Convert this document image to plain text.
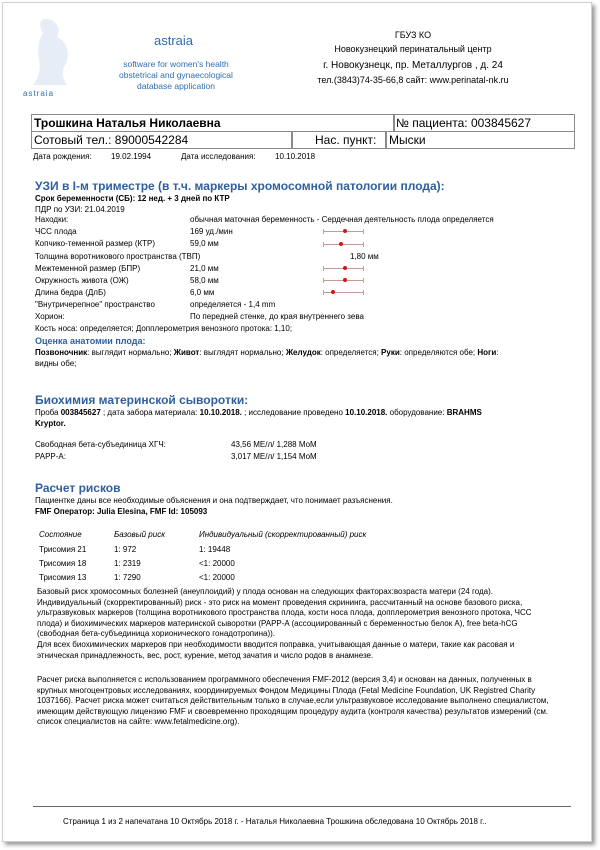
astraia
astraia
software for women's health
obstetrical and gynaecological
database application
ГБУЗ КО
Новокузнецкий перинатальный центр
г. Новокузнецк, пр. Металлургов , д. 24
тел.(3843)74-35-66,8 сайт: www.perinatal-nk.ru
Трошкина Наталья Николаевна	№ пациента: 003845627
Сотовый тел.: 89000542284	Нас. пункт: Мыски
Дата рождения: 19.02.1994	Дата исследования: 10.10.2018
УЗИ в I-м триместре (в т.ч. маркеры хромосомной патологии плода):
Срок беременности (СБ): 12 нед. + 3 дней по КТР
ПДР по УЗИ: 21.04.2019
Находки:	обычная маточная беременность - Сердечная деятельность плода определяется
ЧСС плода	169 уд./мин
Копчико-теменной размер (КТР)	59,0 мм
Толщина воротникового пространства (ТВП)	1,80 мм
Межтеменной размер (БПР)	21,0 мм
Окружность живота (ОЖ)	58,0 мм
Длина бедра (ДлБ)	6,0 мм
"Внутричерепное" пространство	определяется - 1,4 mm
Хорион:	По передней стенке, до края внутреннего зева
Кость носа: определяется; Допплерометрия венозного протока: 1,10;
Оценка анатомии плода:
Позвоночник: выглядит нормально; Живот: выглядят нормально; Желудок: определяется; Руки: определяются обе; Ноги:
видны обе;
Биохимия материнской сыворотки:
Проба 003845627 ; дата забора материала: 10.10.2018. ; исследование проведено 10.10.2018. оборудование: BRAHMS
Kryptor.
Свободная бета-субъединица ХГЧ:	43,56 МЕ/л/ 1,288 МоМ
PAPP-A:	3,017 МЕ/л/ 1,154 МоМ
Расчет рисков
Пациентке даны все необходимые объяснения и она подтверждает, что понимает разъяснения.
FMF Оператор: Julia Elesina, FMF Id: 105093
Состояние	Базовый риск	Индивидуальный (скорректированный) риск
Трисомия 21	1: 972	1: 19448
Трисомия 18	1: 2319	<1: 20000
Трисомия 13	1: 7290	<1: 20000
Базовый риск хромосомных болезней (анеуплоидий) у плода основан на следующих факторах:возраста матери (24 года). Индивидуальный (скорректированный) риск - это риск на момент проведения скрининга, рассчитанный на основе базового риска, ультразвуковых маркеров (толщина воротникового пространства плода, кости носа плода, допплерометрия венозного протока, ЧСС плода) и биохимических маркеров материнской сыворотки (PAPP-A (ассоциированный с беременностью белок А), free beta-hCG (свободная бета-субъединица хорионического гонадотропина)).
Для всех биохимических маркеров при необходимости вводится поправка, учитывающая данные о матери, такие как расовая и этническая принадлежность, вес, рост, курение, метод зачатия и число родов в анамнезе.
Расчет риска выполняется с использованием программного обеспечения FMF-2012 (версия 3,4) и основан на данных, полученных в крупных многоцентровых исследованиях, координируемых Фондом Медицины Плода (Fetal Medicine Foundation, UK Registred Charity 1037166). Расчет риска может считаться действительным только в случае,если ультразвуковое исследование выполнено специалистом, имеющим действующую лицензию FMF и своевременно проходящим процедуру аудита (контроля качества) результатов измерений (см. список специалистов на сайте: www.fetalmedicine.org).
Страница 1 из 2 напечатана 10 Октябрь 2018 г. - Наталья Николаевна Трошкина обследована 10 Октябрь 2018 г..
